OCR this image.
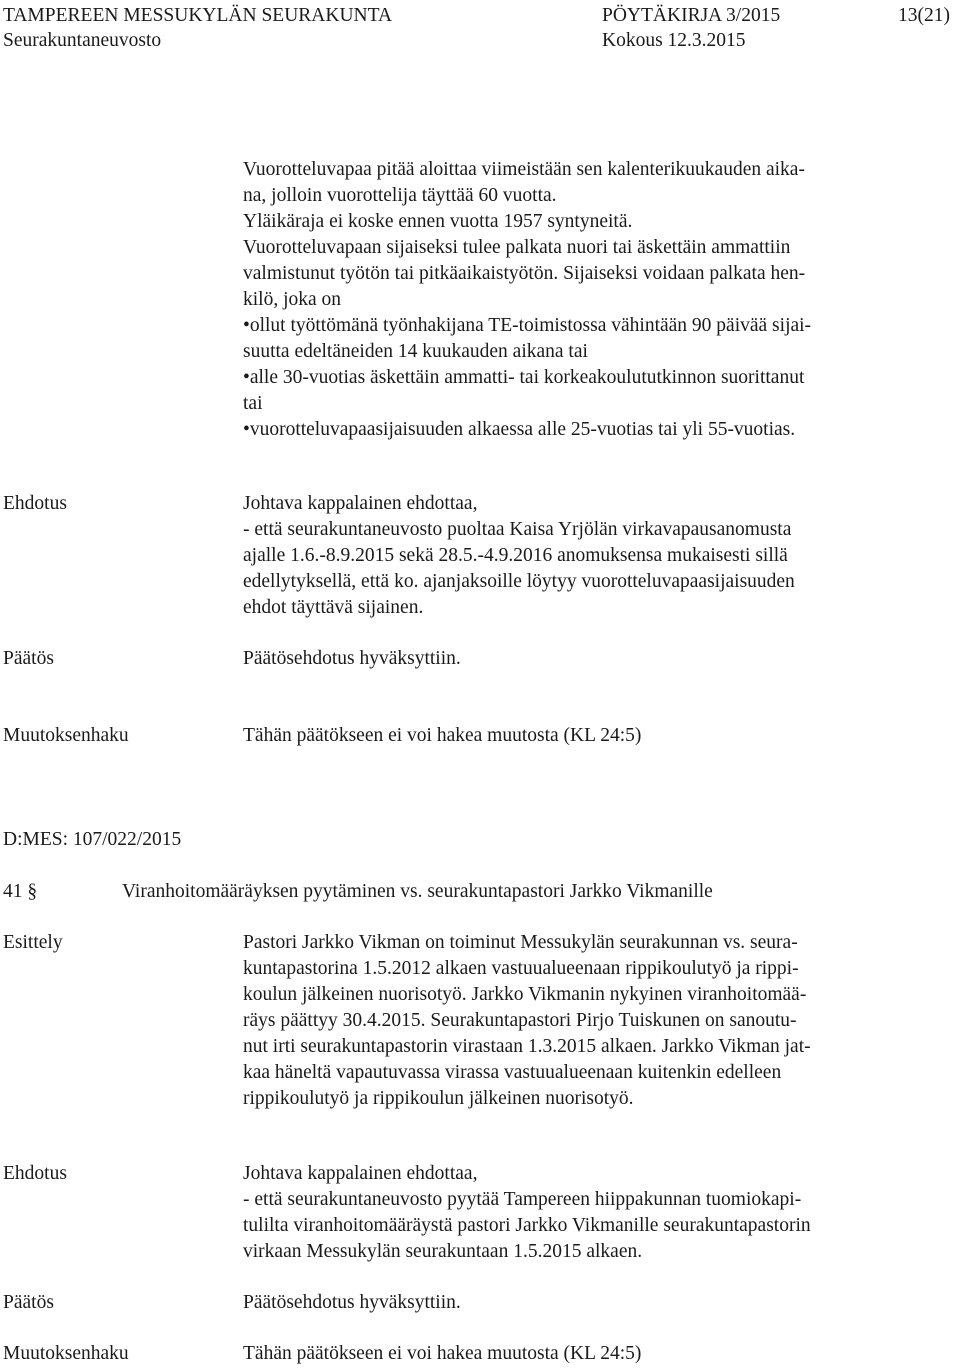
TAMPEREEN MESSUKYLÄN SEURAKUNTA
Seurakuntaneuvosto

PÖYTÄKIRJA 3/2015
Kokous 12.3.2015

13(21)

Vuorotteluvapaa pitää aloittaa viimeistään sen kalenterikuukauden aika-

na, jolloin vuorottelija täyttää 60 vuotta.

Yläikäraja ei koske ennen vuotta 1957 syntyneitä.

Vuorotteluvapaan sijaiseksi tulee palkata nuori tai äskettäin ammattiin

valmistunut työtön tai pitkäaikaistyötön. Sijaiseksi voidaan palkata hen-

kilö, joka on

•ollut työttömänä työnhakijana TE-toimistossa vähintään 90 päivää sijai-

suutta edeltäneiden 14 kuukauden aikana tai

•alle 30-vuotias äskettäin ammatti- tai korkeakoulututkinnon suorittanut

tai

•vuorotteluvapaasijaisuuden alkaessa alle 25-vuotias tai yli 55-vuotias.

Ehdotus	Johtava kappalainen ehdottaa,

- että seurakuntaneuvosto puoltaa Kaisa Yrjölän virkavapausanomusta

ajalle 1.6.-8.9.2015 sekä 28.5.-4.9.2016 anomuksensa mukaisesti sillä

edellytyksellä, että ko. ajanjaksoille löytyy vuorotteluvapaasijaisuuden

ehdot täyttävä sijainen.

Päätös	Päätösehdotus hyväksyttiin.

Muutoksenhaku	Tähän päätökseen ei voi hakea muutosta (KL 24:5)

D:MES: 107/022/2015

41 §	Viranhoitomääräyksen pyytäminen vs. seurakuntapastori Jarkko Vikmanille

Esittely	Pastori Jarkko Vikman on toiminut Messukylän seurakunnan vs. seura-

kuntapastorina 1.5.2012 alkaen vastuualueenaan rippikoulutyö ja rippi-

koulun jälkeinen nuorisotyö. Jarkko Vikmanin nykyinen viranhoitomää-

räys päättyy 30.4.2015. Seurakuntapastori Pirjo Tuiskunen on sanoutu-

nut irti seurakuntapastorin virastaan 1.3.2015 alkaen. Jarkko Vikman jat-

kaa häneltä vapautuvassa virassa vastuualueenaan kuitenkin edelleen

rippikoulutyö ja rippikoulun jälkeinen nuorisotyö.

Ehdotus	Johtava kappalainen ehdottaa,

- että seurakuntaneuvosto pyytää Tampereen hiippakunnan tuomiokapi-

tulilta viranhoitomääräystä pastori Jarkko Vikmanille seurakuntapastorin

virkaan Messukylän seurakuntaan 1.5.2015 alkaen.

Päätös	Päätösehdotus hyväksyttiin.

Muutoksenhaku	Tähän päätökseen ei voi hakea muutosta (KL 24:5)
